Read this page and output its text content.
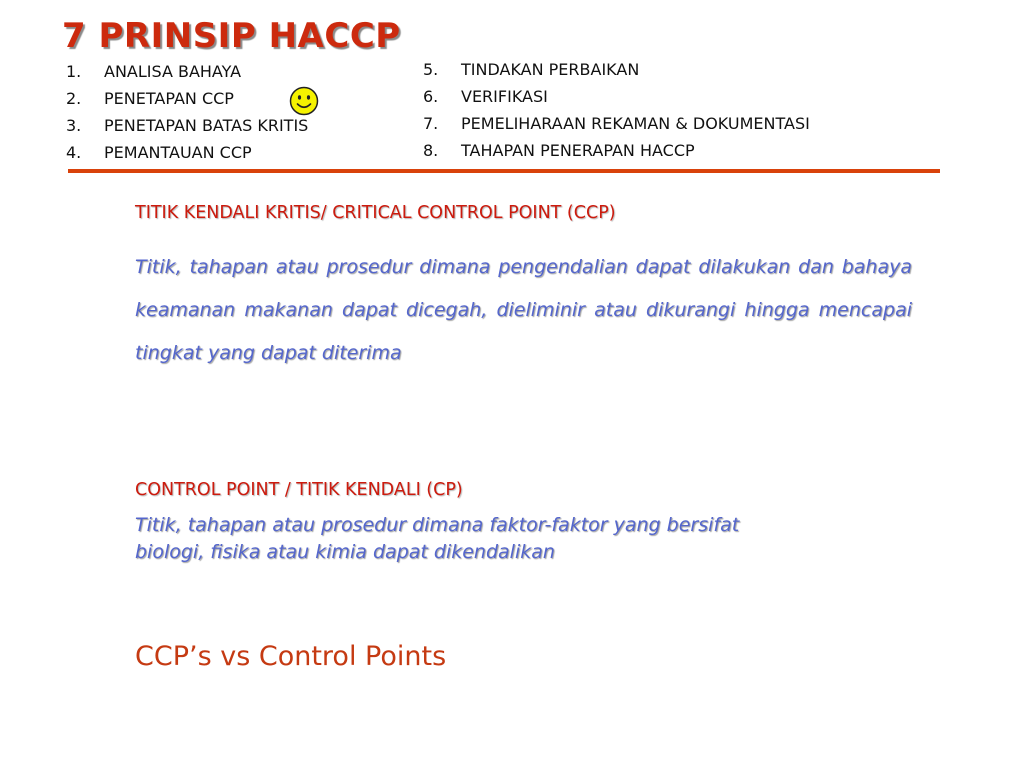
7 PRINSIP HACCP
1. ANALISA BAHAYA
2. PENETAPAN CCP
3. PENETAPAN BATAS KRITIS
4. PEMANTAUAN CCP
5. TINDAKAN PERBAIKAN
6. VERIFIKASI
7. PEMELIHARAAN REKAMAN & DOKUMENTASI
8. TAHAPAN PENERAPAN HACCP
TITIK KENDALI KRITIS/ CRITICAL CONTROL POINT (CCP)

Titik, tahapan atau prosedur dimana pengendalian dapat dilakukan dan bahaya keamanan makanan dapat dicegah, dieliminir atau dikurangi hingga mencapai tingkat yang dapat diterima

CONTROL POINT / TITIK KENDALI (CP)

Titik, tahapan atau prosedur dimana faktor-faktor yang bersifat
biologi, fisika atau kimia dapat dikendalikan

CCP’s vs Control Points
